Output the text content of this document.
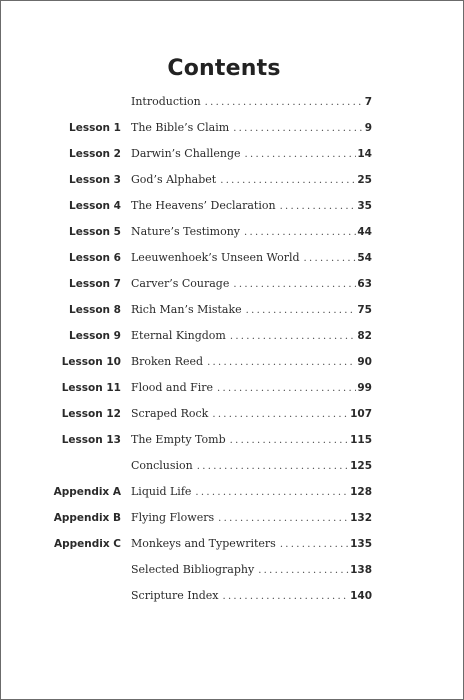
Contents
Introduction .....	7
Lesson 1 The Bible’s Claim .....	9
Lesson 2 Darwin’s Challenge .....	14
Lesson 3 God’s Alphabet .....	25
Lesson 4 The Heavens’ Declaration .....	35
Lesson 5 Nature’s Testimony .....	44
Lesson 6 Leeuwenhoek’s Unseen World .....	54
Lesson 7 Carver’s Courage .....	63
Lesson 8 Rich Man’s Mistake .....	75
Lesson 9 Eternal Kingdom .....	82
Lesson 10 Broken Reed .....	90
Lesson 11 Flood and Fire .....	99
Lesson 12 Scraped Rock .....	107
Lesson 13 The Empty Tomb .....	115
Conclusion .....	125
Appendix A Liquid Life .....	128
Appendix B Flying Flowers .....	132
Appendix C Monkeys and Typewriters .....	135
Selected Bibliography .....	138
Scripture Index .....	140
